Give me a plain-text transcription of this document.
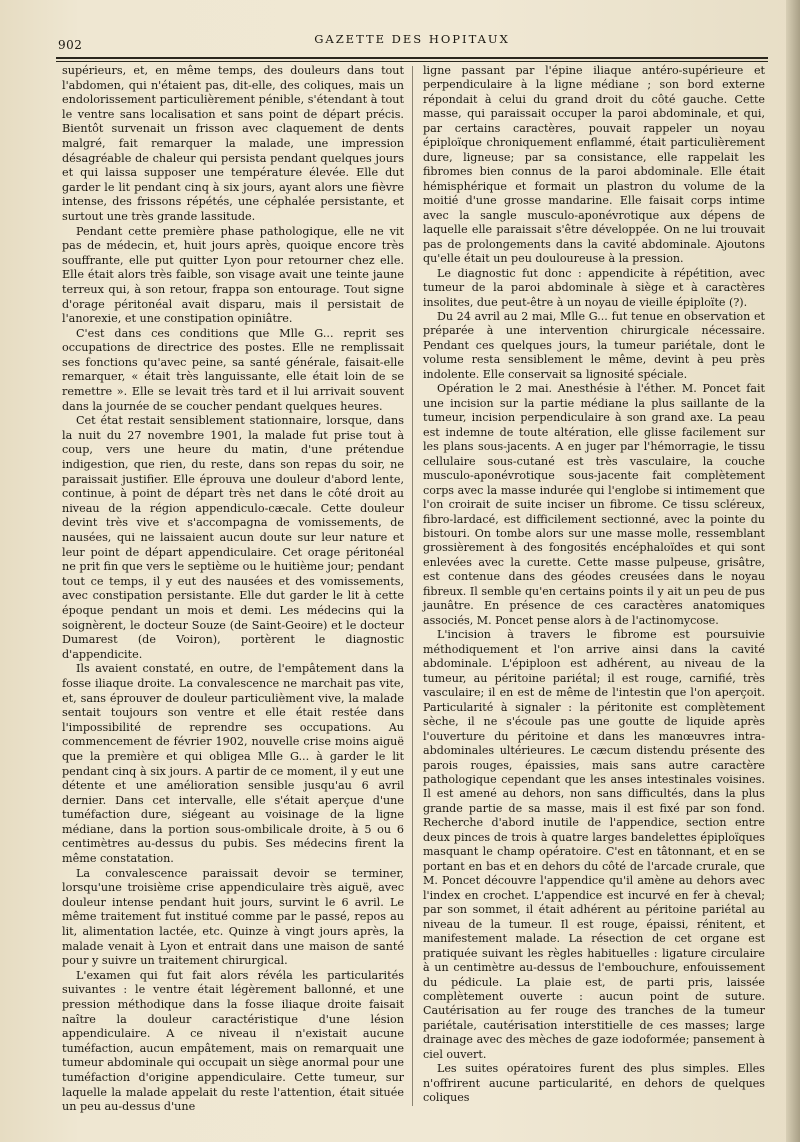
902	GAZETTE DES HOPITAUX

supérieurs, et, en même temps, des douleurs dans tout l'abdomen, qui n'étaient pas, dit-elle, des coliques, mais un endolorissement particulièrement pénible, s'étendant à tout le ventre sans localisation et sans point de départ précis. Bientôt survenait un frisson avec claquement de dents malgré, fait remarquer la malade, une impression désagréable de chaleur qui persista pendant quelques jours et qui laissa supposer une température élevée. Elle dut garder le lit pendant cinq à six jours, ayant alors une fièvre intense, des frissons répétés, une céphalée persistante, et surtout une très grande lassitude.

Pendant cette première phase pathologique, elle ne vit pas de médecin, et, huit jours après, quoique encore très souffrante, elle put quitter Lyon pour retourner chez elle. Elle était alors très faible, son visage avait une teinte jaune terreux qui, à son retour, frappa son entourage. Tout signe d'orage péritonéal avait disparu, mais il persistait de l'anorexie, et une constipation opiniâtre.

C'est dans ces conditions que Mlle G... reprit ses occupations de directrice des postes. Elle ne remplissait ses fonctions qu'avec peine, sa santé générale, faisait-elle remarquer, « était très languissante, elle était loin de se remettre ». Elle se levait très tard et il lui arrivait souvent dans la journée de se coucher pendant quelques heures.

Cet état restait sensiblement stationnaire, lorsque, dans la nuit du 27 novembre 1901, la malade fut prise tout à coup, vers une heure du matin, d'une prétendue indigestion, que rien, du reste, dans son repas du soir, ne paraissait justifier. Elle éprouva une douleur d'abord lente, continue, à point de départ très net dans le côté droit au niveau de la région appendiculo-cæcale. Cette douleur devint très vive et s'accompagna de vomissements, de nausées, qui ne laissaient aucun doute sur leur nature et leur point de départ appendiculaire. Cet orage péritonéal ne prit fin que vers le septième ou le huitième jour; pendant tout ce temps, il y eut des nausées et des vomissements, avec constipation persistante. Elle dut garder le lit à cette époque pendant un mois et demi. Les médecins qui la soignèrent, le docteur Souze (de Saint-Geoire) et le docteur Dumarest (de Voiron), portèrent le diagnostic d'appendicite.

Ils avaient constaté, en outre, de l'empâtement dans la fosse iliaque droite. La convalescence ne marchait pas vite, et, sans éprouver de douleur particulièment vive, la malade sentait toujours son ventre et elle était restée dans l'impossibilité de reprendre ses occupations. Au commencement de février 1902, nouvelle crise moins aiguë que la première et qui obligea Mlle G... à garder le lit pendant cinq à six jours. A partir de ce moment, il y eut une détente et une amélioration sensible jusqu'au 6 avril dernier. Dans cet intervalle, elle s'était aperçue d'une tuméfaction dure, siégeant au voisinage de la ligne médiane, dans la portion sous-ombilicale droite, à 5 ou 6 centimètres au-dessus du pubis. Ses médecins firent la même constatation.

La convalescence paraissait devoir se terminer, lorsqu'une troisième crise appendiculaire très aiguë, avec douleur intense pendant huit jours, survint le 6 avril. Le même traitement fut institué comme par le passé, repos au lit, alimentation lactée, etc. Quinze à vingt jours après, la malade venait à Lyon et entrait dans une maison de santé pour y suivre un traitement chirurgical.

L'examen qui fut fait alors révéla les particularités suivantes : le ventre était légèrement ballonné, et une pression méthodique dans la fosse iliaque droite faisait naître la douleur caractéristique d'une lésion appendiculaire. A ce niveau il n'existait aucune tuméfaction, aucun empâtement, mais on remarquait une tumeur abdominale qui occupait un siège anormal pour une tuméfaction d'origine appendiculaire. Cette tumeur, sur laquelle la malade appelait du reste l'attention, était située un peu au-dessus d'une

ligne passant par l'épine iliaque antéro-supérieure et perpendiculaire à la ligne médiane ; son bord externe répondait à celui du grand droit du côté gauche. Cette masse, qui paraissait occuper la paroi abdominale, et qui, par certains caractères, pouvait rappeler un noyau épiploïque chroniquement enflammé, était particulièrement dure, ligneuse; par sa consistance, elle rappelait les fibromes bien connus de la paroi abdominale. Elle était hémisphérique et formait un plastron du volume de la moitié d'une grosse mandarine. Elle faisait corps intime avec la sangle musculo-aponévrotique aux dépens de laquelle elle paraissait s'être développée. On ne lui trouvait pas de prolongements dans la cavité abdominale. Ajoutons qu'elle était un peu douloureuse à la pression.

Le diagnostic fut donc : appendicite à répétition, avec tumeur de la paroi abdominale à siège et à caractères insolites, due peut-être à un noyau de vieille épiploïte (?).

Du 24 avril au 2 mai, Mlle G... fut tenue en observation et préparée à une intervention chirurgicale nécessaire. Pendant ces quelques jours, la tumeur pariétale, dont le volume resta sensiblement le même, devint à peu près indolente. Elle conservait sa lignosité spéciale.

Opération le 2 mai. Anesthésie à l'éther. M. Poncet fait une incision sur la partie médiane la plus saillante de la tumeur, incision perpendiculaire à son grand axe. La peau est indemne de toute altération, elle glisse facilement sur les plans sous-jacents. A en juger par l'hémorragie, le tissu cellulaire sous-cutané est très vasculaire, la couche musculo-aponévrotique sous-jacente fait complètement corps avec la masse indurée qui l'englobe si intimement que l'on croirait de suite inciser un fibrome. Ce tissu scléreux, fibro-lardacé, est difficilement sectionné, avec la pointe du bistouri. On tombe alors sur une masse molle, ressemblant grossièrement à des fongosités encéphaloïdes et qui sont enlevées avec la curette. Cette masse pulpeuse, grisâtre, est contenue dans des géodes creusées dans le noyau fibreux. Il semble qu'en certains points il y ait un peu de pus jaunâtre. En présence de ces caractères anatomiques associés, M. Poncet pense alors à de l'actinomycose.

L'incision à travers le fibrome est poursuivie méthodiquement et l'on arrive ainsi dans la cavité abdominale. L'épiploon est adhérent, au niveau de la tumeur, au péritoine pariétal; il est rouge, carnifié, très vasculaire; il en est de même de l'intestin que l'on aperçoit. Particularité à signaler : la péritonite est complètement sèche, il ne s'écoule pas une goutte de liquide après l'ouverture du péritoine et dans les manœuvres intra-abdominales ultérieures. Le cæcum distendu présente des parois rouges, épaissies, mais sans autre caractère pathologique cependant que les anses intestinales voisines. Il est amené au dehors, non sans difficultés, dans la plus grande partie de sa masse, mais il est fixé par son fond. Recherche d'abord inutile de l'appendice, section entre deux pinces de trois à quatre larges bandelettes épiploïques masquant le champ opératoire. C'est en tâtonnant, et en se portant en bas et en dehors du côté de l'arcade crurale, que M. Poncet découvre l'appendice qu'il amène au dehors avec l'index en crochet. L'appendice est incurvé en fer à cheval; par son sommet, il était adhérent au péritoine pariétal au niveau de la tumeur. Il est rouge, épaissi, rénitent, et manifestement malade. La résection de cet organe est pratiquée suivant les règles habituelles : ligature circulaire à un centimètre au-dessus de l'embouchure, enfouissement du pédicule. La plaie est, de parti pris, laissée complètement ouverte : aucun point de suture. Cautérisation au fer rouge des tranches de la tumeur pariétale, cautérisation interstitielle de ces masses; large drainage avec des mèches de gaze iodoformée; pansement à ciel ouvert.

Les suites opératoires furent des plus simples. Elles n'offrirent aucune particularité, en dehors de quelques coliques
